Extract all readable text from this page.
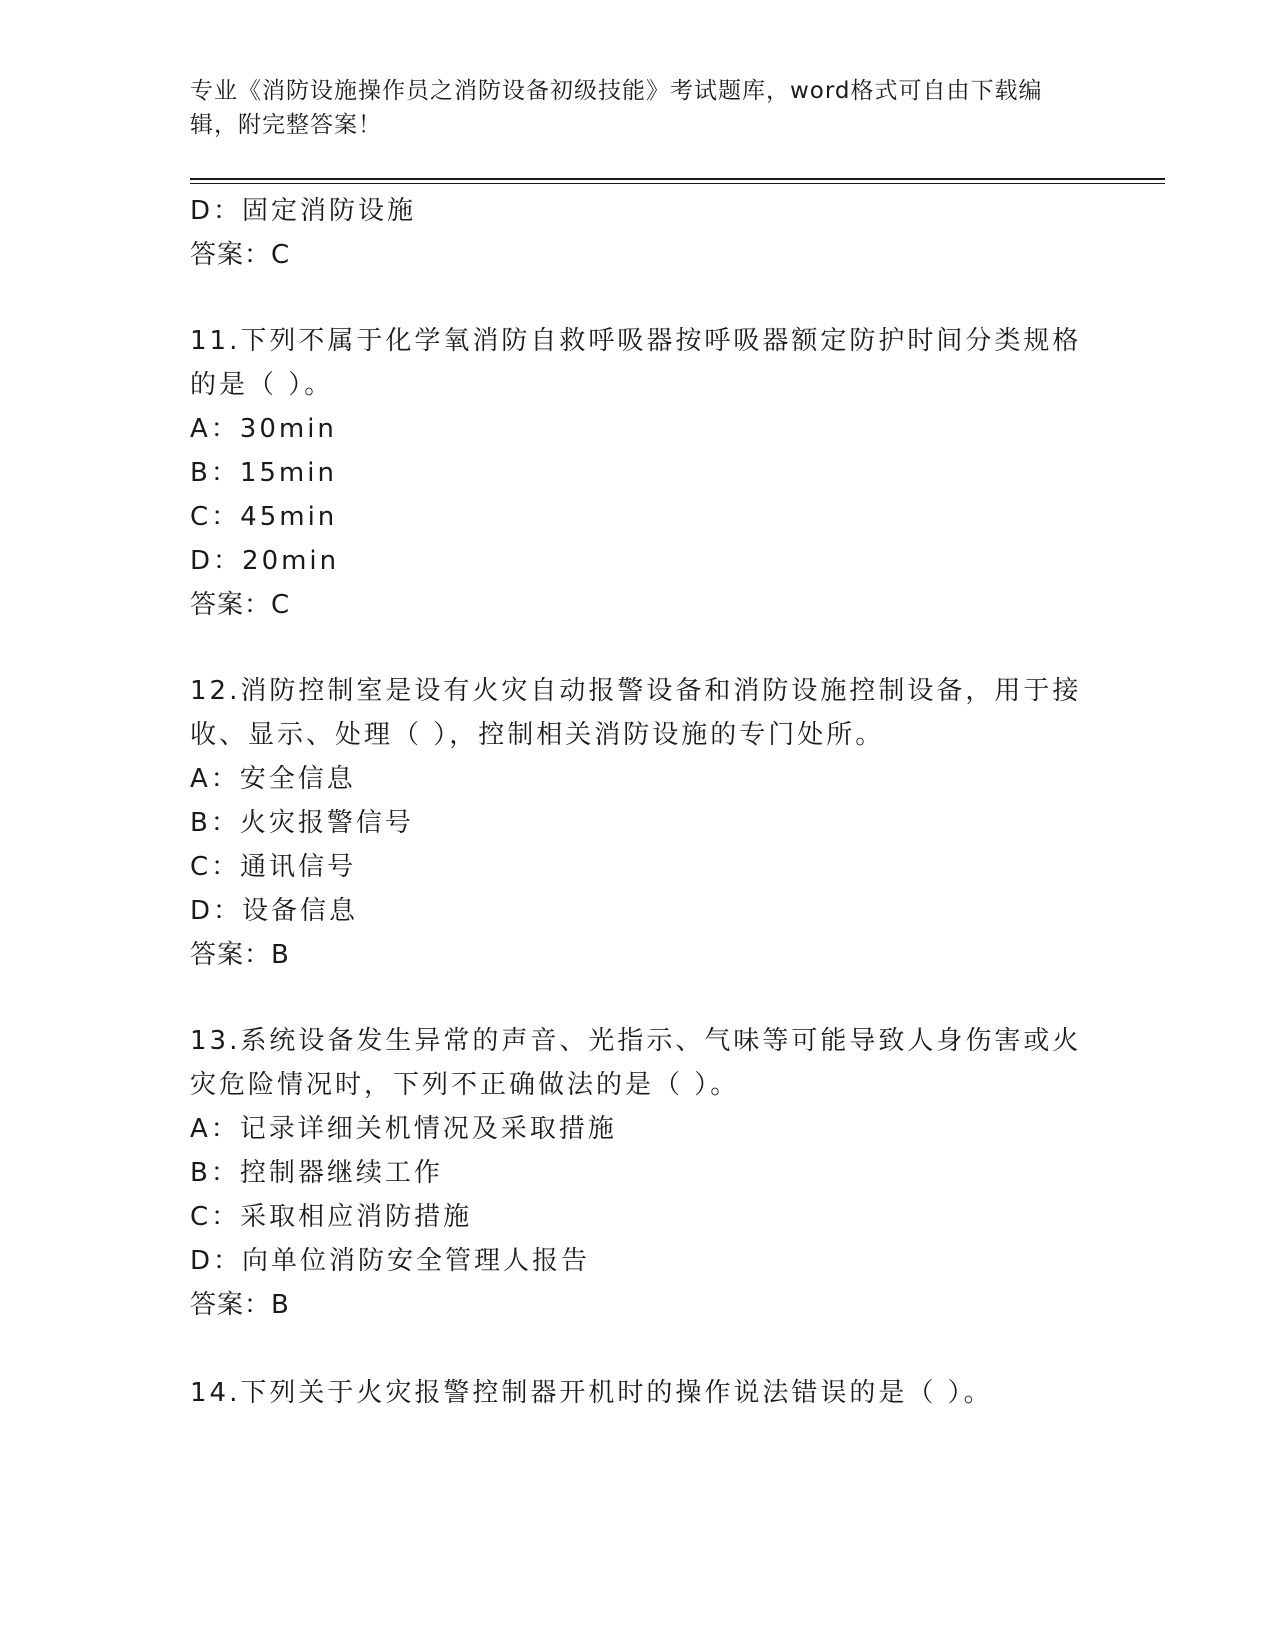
专业《消防设施操作员之消防设备初级技能》考试题库，word格式可自由下载编
辑，附完整答案！
D：固定消防设施
答案：C
11.下列不属于化学氧消防自救呼吸器按呼吸器额定防护时间分类规格
的是（ ）。
A：30min
B：15min
C：45min
D：20min
答案：C
12.消防控制室是设有火灾自动报警设备和消防设施控制设备，用于接
收、显示、处理（ ），控制相关消防设施的专门处所。
A：安全信息
B：火灾报警信号
C：通讯信号
D：设备信息
答案：B
13.系统设备发生异常的声音、光指示、气味等可能导致人身伤害或火
灾危险情况时，下列不正确做法的是（ ）。
A：记录详细关机情况及采取措施
B：控制器继续工作
C：采取相应消防措施
D：向单位消防安全管理人报告
答案：B
14.下列关于火灾报警控制器开机时的操作说法错误的是（ ）。
